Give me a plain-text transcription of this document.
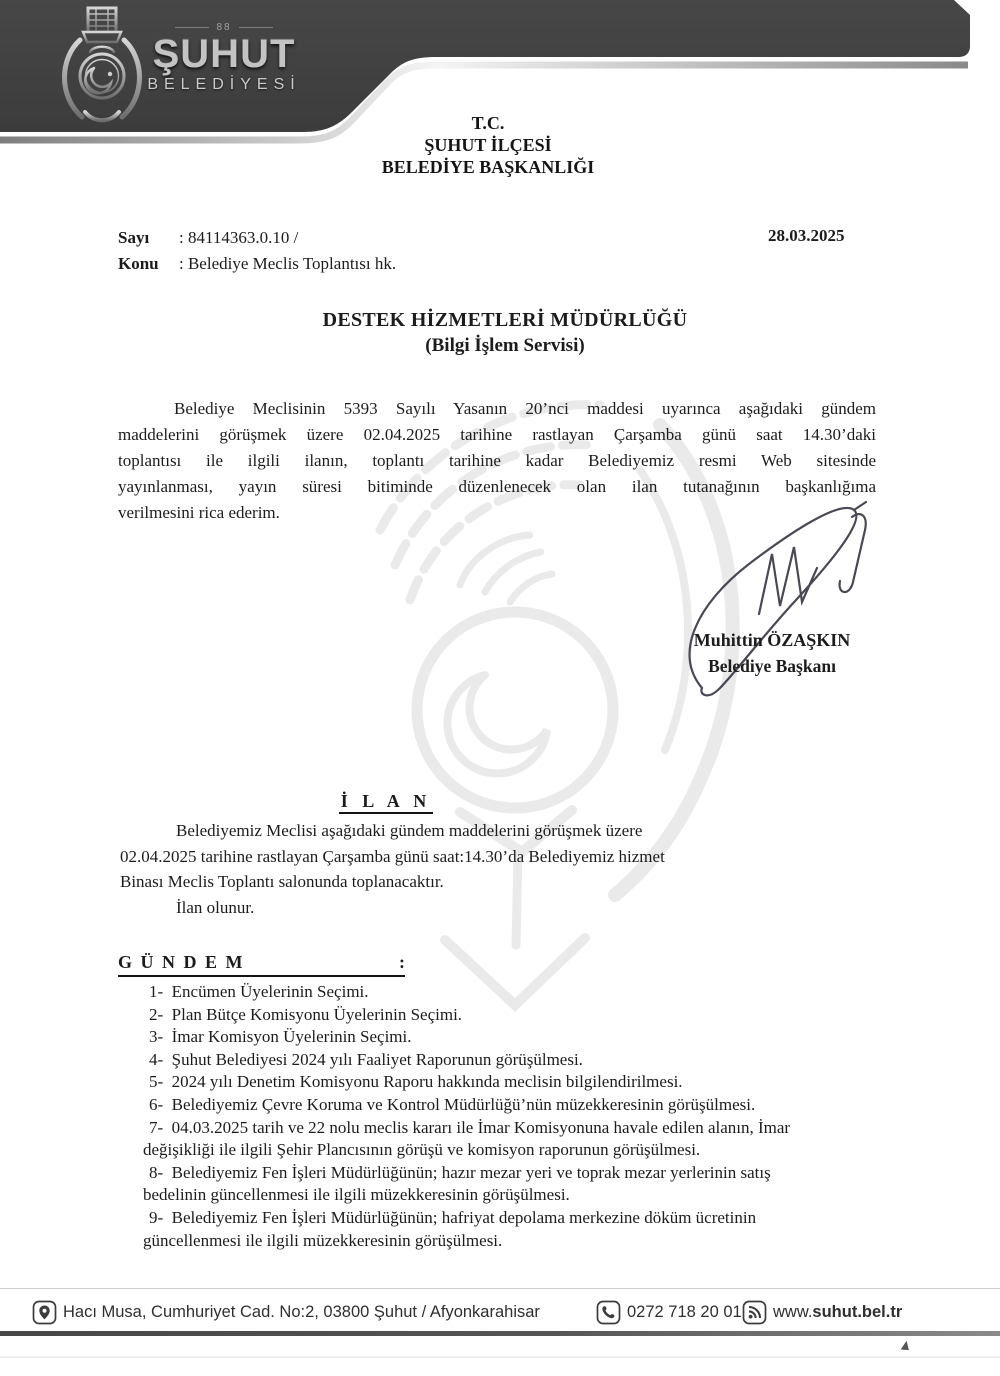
88
ŞUHUT
BELEDİYESİ
T.C.
ŞUHUT İLÇESİ
BELEDİYE BAŞKANLIĞI
Sayı : 84114363.0.10 /
Konu : Belediye Meclis Toplantısı hk.
28.03.2025
DESTEK HİZMETLERİ MÜDÜRLÜĞÜ
(Bilgi İşlem Servisi)
Belediye Meclisinin 5393 Sayılı Yasanın 20’nci maddesi uyarınca aşağıdaki gündem
maddelerini görüşmek üzere 02.04.2025 tarihine rastlayan Çarşamba günü saat 14.30’daki
toplantısı ile ilgili ilanın, toplantı tarihine kadar Belediyemiz resmi Web sitesinde
yayınlanması, yayın süresi bitiminde düzenlenecek olan ilan tutanağının başkanlığıma
verilmesini rica ederim.
Muhittin ÖZAŞKIN
Belediye Başkanı
İ L A N
Belediyemiz Meclisi aşağıdaki gündem maddelerini görüşmek üzere
02.04.2025 tarihine rastlayan Çarşamba günü saat:14.30’da Belediyemiz hizmet
Binası Meclis Toplantı salonunda toplanacaktır.
İlan olunur.
G Ü N D E M	:
1-  Encümen Üyelerinin Seçimi.
2-  Plan Bütçe Komisyonu Üyelerinin Seçimi.
3-  İmar Komisyon Üyelerinin Seçimi.
4-  Şuhut Belediyesi 2024 yılı Faaliyet Raporunun görüşülmesi.
5-  2024 yılı Denetim Komisyonu Raporu hakkında meclisin bilgilendirilmesi.
6-  Belediyemiz Çevre Koruma ve Kontrol Müdürlüğü’nün müzekkeresinin görüşülmesi.
7-  04.03.2025 tarih ve 22 nolu meclis kararı ile İmar Komisyonuna havale edilen alanın, İmar
değişikliği ile ilgili Şehir Plancısının görüşü ve komisyon raporunun görüşülmesi.
8-  Belediyemiz Fen İşleri Müdürlüğünün; hazır mezar yeri ve toprak mezar yerlerinin satış
bedelinin güncellenmesi ile ilgili müzekkeresinin görüşülmesi.
9-  Belediyemiz Fen İşleri Müdürlüğünün; hafriyat depolama merkezine döküm ücretinin
güncellenmesi ile ilgili müzekkeresinin görüşülmesi.
Hacı Musa, Cumhuriyet Cad. No:2, 03800 Şuhut / Afyonkarahisar	0272 718 20 01 www.suhut.bel.tr
